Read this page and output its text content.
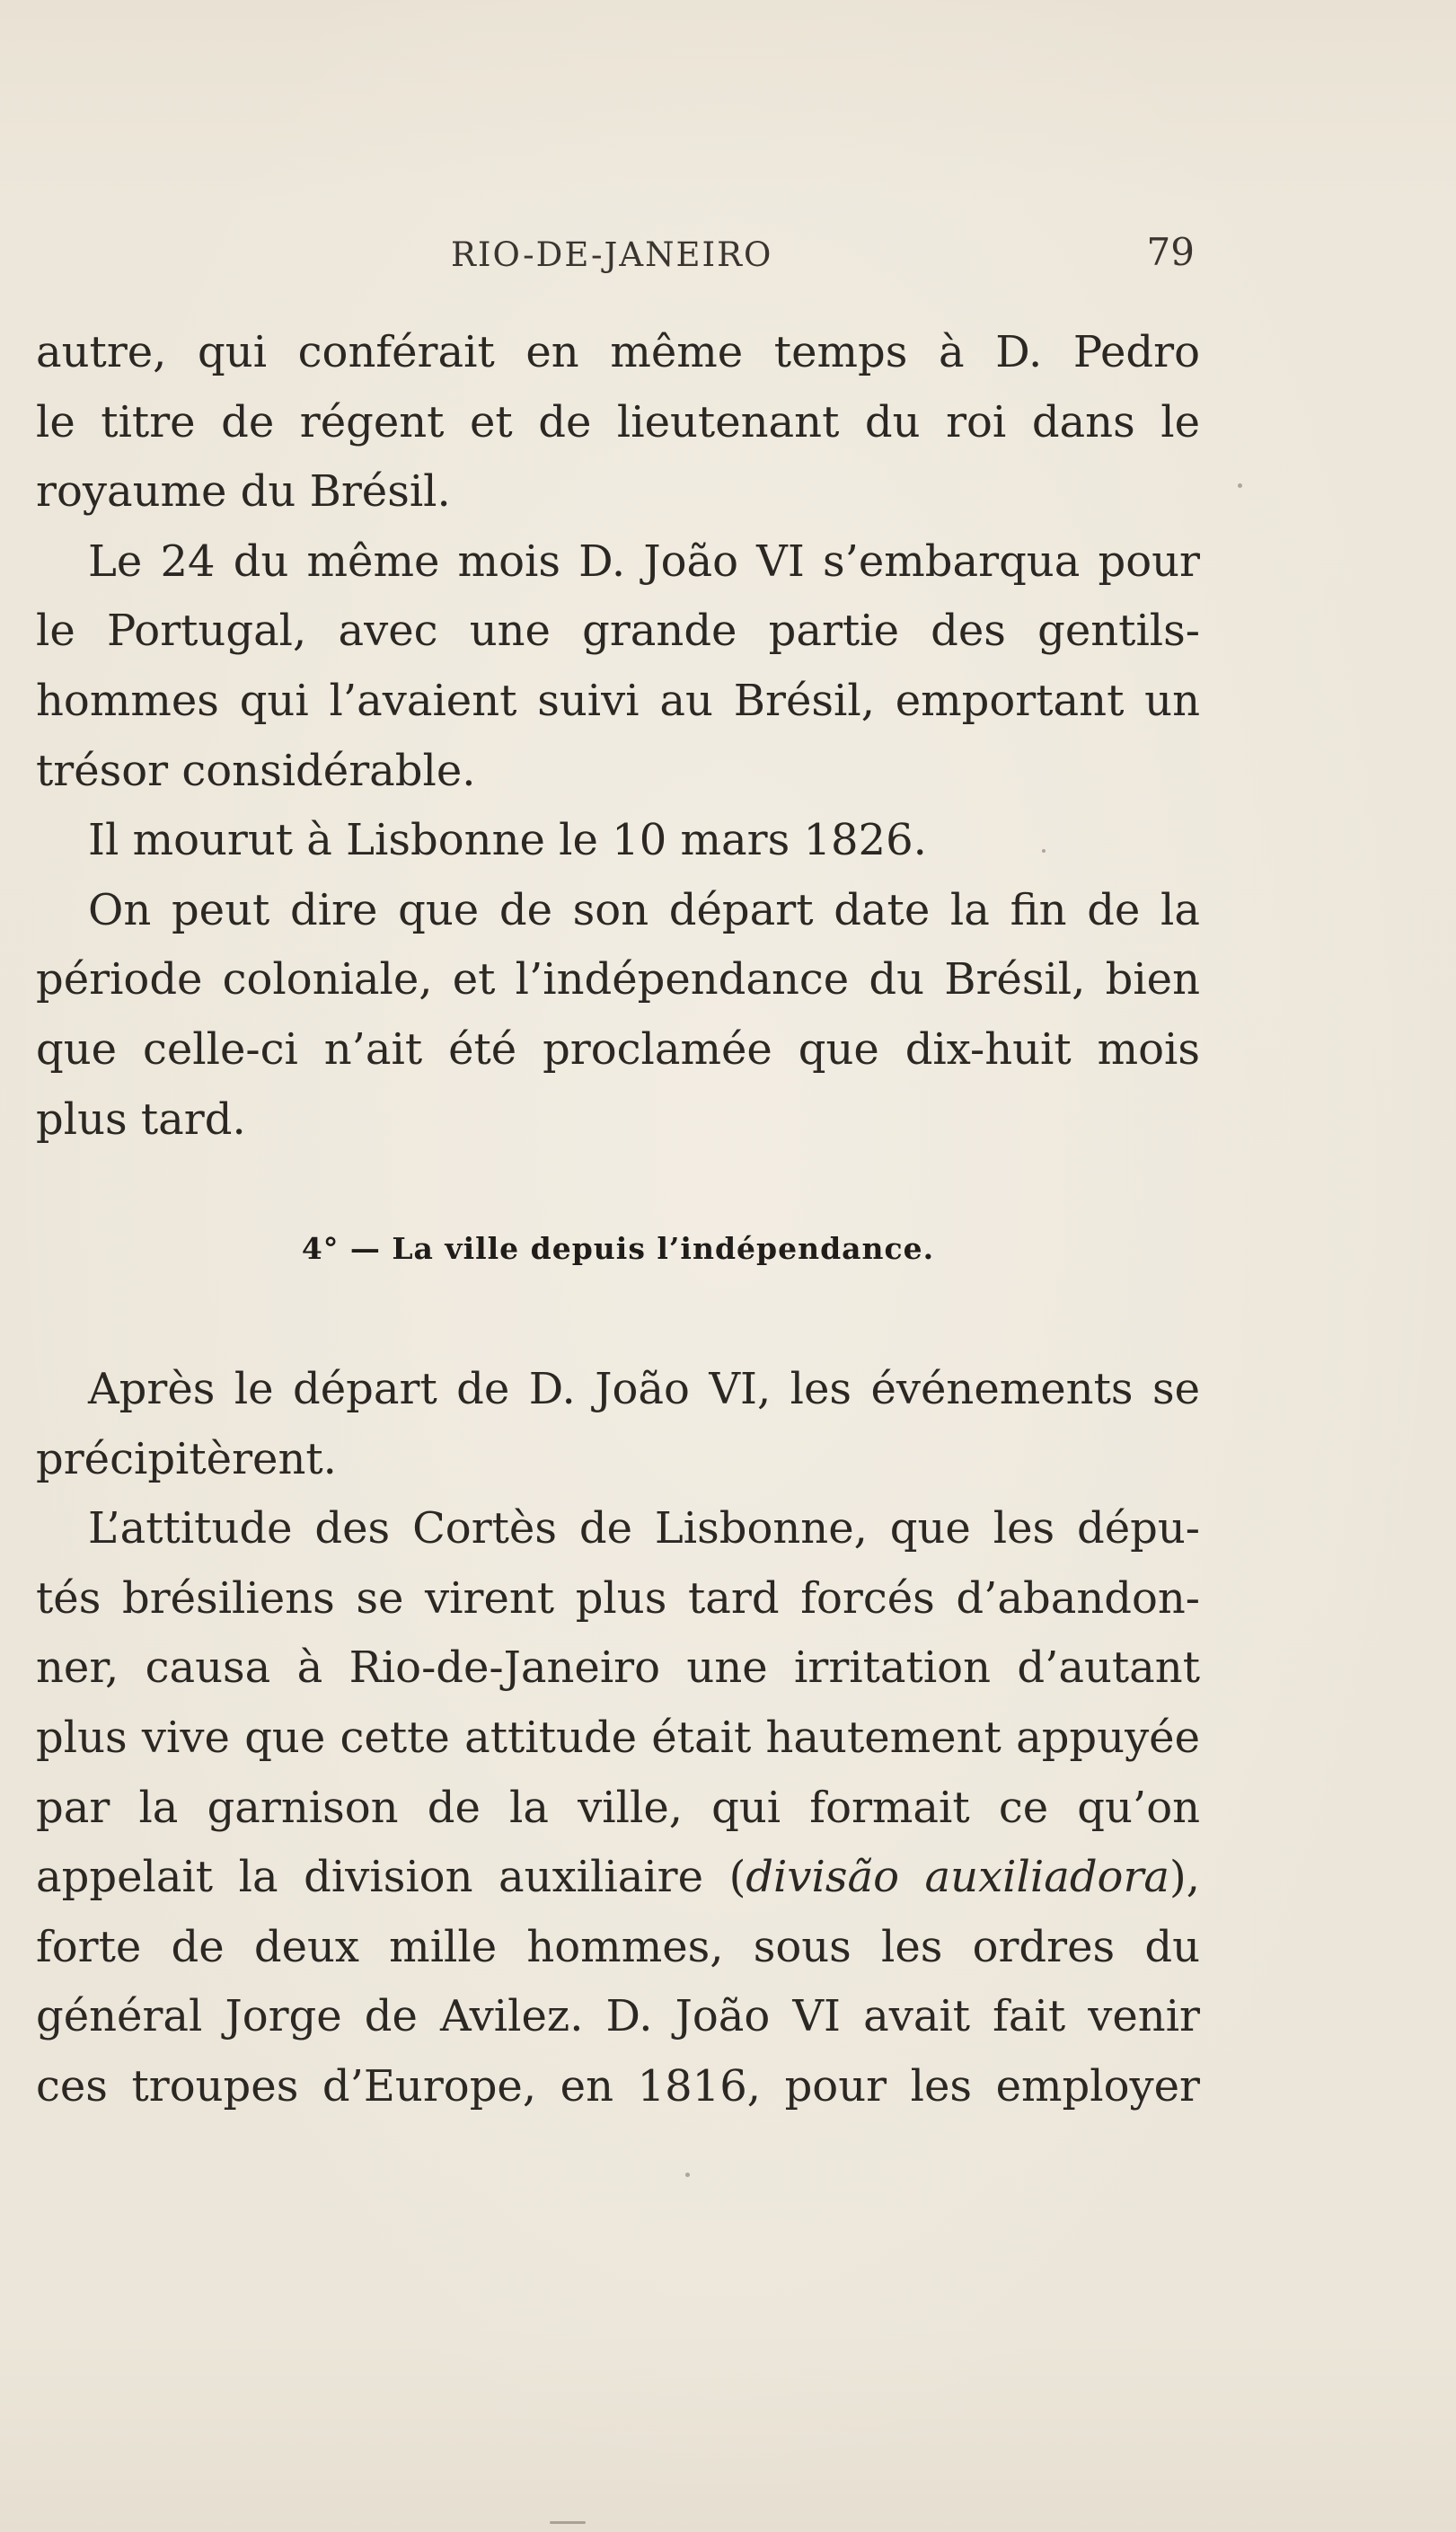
RIO-DE-JANEIRO	79
autre, qui conférait en même temps à D. Pedro
le titre de régent et de lieutenant du roi dans le
royaume du Brésil.
Le 24 du même mois D. João VI s’embarqua pour
le Portugal, avec une grande partie des gentils-
hommes qui l’avaient suivi au Brésil, emportant un
trésor considérable.
Il mourut à Lisbonne le 10 mars 1826.
On peut dire que de son départ date la fin de la
période coloniale, et l’indépendance du Brésil, bien
que celle-ci n’ait été proclamée que dix-huit mois
plus tard.
4° — La ville depuis l’indépendance.
Après le départ de D. João VI, les événements se
précipitèrent.
L’attitude des Cortès de Lisbonne, que les dépu-
tés brésiliens se virent plus tard forcés d’abandon-
ner, causa à Rio-de-Janeiro une irritation d’autant
plus vive que cette attitude était hautement appuyée
par la garnison de la ville, qui formait ce qu’on
appelait la division auxiliaire (divisão auxiliadora),
forte de deux mille hommes, sous les ordres du
général Jorge de Avilez. D. João VI avait fait venir
ces troupes d’Europe, en 1816, pour les employer
